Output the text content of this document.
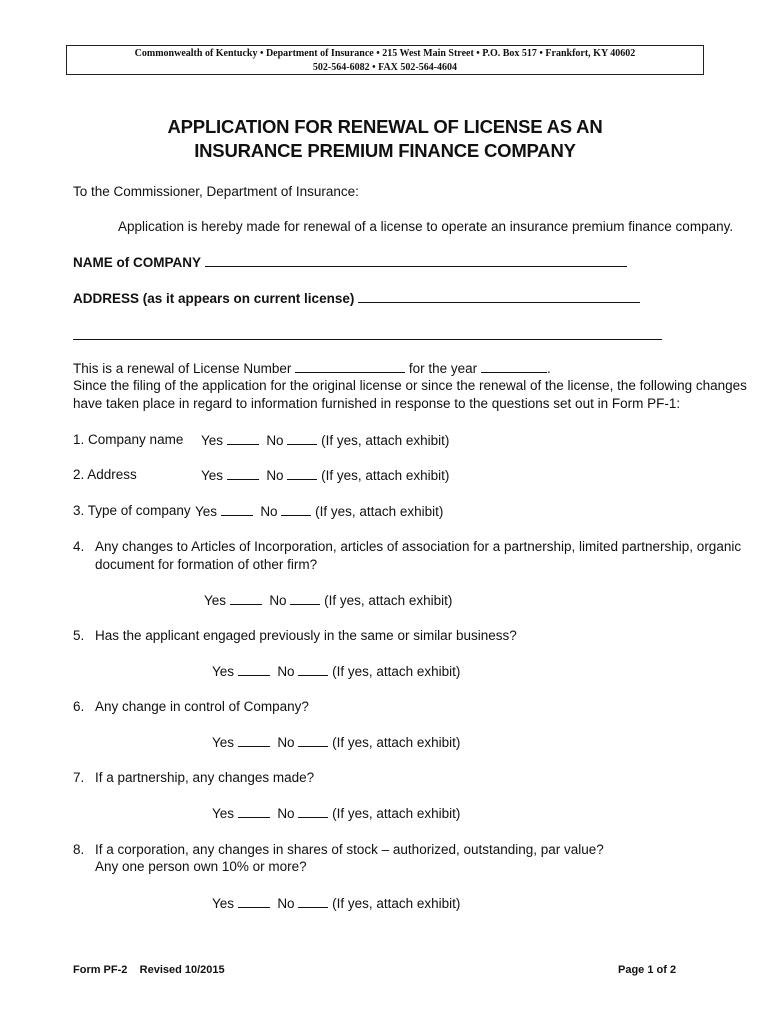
Commonwealth of Kentucky • Department of Insurance • 215 West Main Street • P.O. Box 517 • Frankfort, KY 40602
502-564-6082 • FAX 502-564-4604
APPLICATION FOR RENEWAL OF LICENSE AS AN
INSURANCE PREMIUM FINANCE COMPANY
To the Commissioner, Department of Insurance:
Application is hereby made for renewal of a license to operate an insurance premium finance company.
NAME of COMPANY
ADDRESS (as it appears on current license)
This is a renewal of License Number	for the year	.
Since the filing of the application for the original license or since the renewal of the license, the following changes
have taken place in regard to information furnished in response to the questions set out in Form PF-1:
1. Company name Yes	No	(If yes, attach exhibit)
2. Address	Yes	No	(If yes, attach exhibit)
3. Type of company Yes	No	(If yes, attach exhibit)
4. Any changes to Articles of Incorporation, articles of association for a partnership, limited partnership, organic
document for formation of other firm?
Yes	No	(If yes, attach exhibit)
5. Has the applicant engaged previously in the same or similar business?
Yes	No	(If yes, attach exhibit)
6. Any change in control of Company?
Yes	No	(If yes, attach exhibit)
7. If a partnership, any changes made?
Yes	No	(If yes, attach exhibit)
8. If a corporation, any changes in shares of stock – authorized, outstanding, par value?
Any one person own 10% or more?
Yes	No	(If yes, attach exhibit)
Form PF-2 Revised 10/2015	Page 1 of 2
